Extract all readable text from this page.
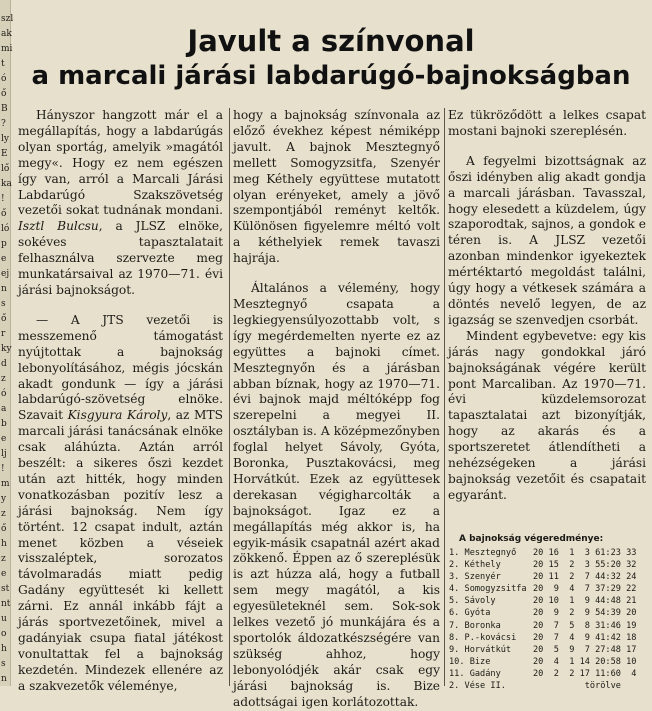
szl
ak
mi
t
ó
ő
B
?
ly
E
lő
ka
!
ő
ló
p
e
ej
n
s
ő
r
ky
d
z
ó
a
b
e
lj
!
m
y
z
ő
h
z
e
st
nt
u
o
h
s
n
Javult a színvonal
a marcali járási labdarúgó-bajnokságban

Hányszor hangzott már el a megállapítás, hogy a labdarúgás olyan sportág, amelyik »magától megy«. Hogy ez nem egészen így van, arról a Marcali Járási Labdarúgó Szakszövetség vezetői sokat tudnának mondani. Isztl Bulcsu, a JLSZ elnöke, sokéves tapasztalatait felhasználva szervezte meg munkatársaival az 1970—71. évi járási bajnokságot.

— A JTS vezetői is messzemenő támogatást nyújtottak a bajnokság lebonyolításához, mégis jócskán akadt gondunk — így a járási labdarúgó-szövetség elnöke. Szavait Kisgyura Károly, az MTS marcali járási tanácsának elnöke csak aláhúzta. Aztán arról beszélt: a sikeres őszi kezdet után azt hitték, hogy minden vonatkozásban pozitív lesz a járási bajnokság. Nem így történt. 12 csapat indult, aztán menet közben a véseiek visszaléptek, sorozatos távolmaradás miatt pedig Gadány együttesét ki kellett zárni. Ez annál inkább fájt a járás sportvezetőinek, mivel a gadányiak csupa fiatal játékost vonultattak fel a bajnokság kezdetén. Mindezek ellenére az a szakvezetők véleménye,

hogy a bajnokság színvonala az előző évekhez képest némiképp javult. A bajnok Mesztegnyő mellett Somogyzsitfa, Szenyér meg Kéthely együttese mutatott olyan erényeket, amely a jövő szempontjából reményt keltők. Különösen figyelemre méltó volt a kéthelyiek remek tavaszi hajrája.

Általános a vélemény, hogy Mesztegnyő csapata a legkiegyensúlyozottabb volt, s így megérdemelten nyerte ez az együttes a bajnoki címet. Mesztegnyőn és a járásban abban bíznak, hogy az 1970—71. évi bajnok majd méltóképp fog szerepelni a megyei II. osztályban is. A középmezőnyben foglal helyet Sávoly, Gyóta, Boronka, Pusztakovácsi, meg Horvátkút. Ezek az együttesek derekasan végigharcolták a bajnokságot. Igaz ez a megállapítás még akkor is, ha egyik-másik csapatnál azért akad zökkenő. Éppen az ő szereplésük is azt húzza alá, hogy a futball sem megy magától, a kis egyesületeknél sem. Sok-sok lelkes vezető jó munkájára és a sportolók áldozatkészségére van szükség ahhoz, hogy lebonyolódjék akár csak egy járási bajnokság is. Bize adottságai igen korlátozottak.

Ez tükröződött a lelkes csapat mostani bajnoki szereplésén.

A fegyelmi bizottságnak az őszi idényben alig akadt gondja a marcali járásban. Tavasszal, hogy elesedett a küzdelem, úgy szaporodtak, sajnos, a gondok e téren is. A JLSZ vezetői azonban mindenkor igyekeztek mértéktartó megoldást találni, úgy hogy a vétkesek számára a döntés nevelő legyen, de az igazság se szenvedjen csorbát.

Mindent egybevetve: egy kis járás nagy gondokkal járó bajnokságának végére került pont Marcaliban. Az 1970—71. évi küzdelemsorozat tapasztalatai azt bizonyítják, hogy az akarás és a sportszeretet átlendítheti a nehézségeken a járási bajnokság vezetőit és csapatait egyaránt.

A bajnokság végeredménye:
1. Mesztegnyő 20 16  1  3 61:23 33
2. Kéthely	20 15  2  3 55:20 32
3. Szenyér	20 11  2  7 44:32 24
4. Somogyzsitfa 20  9  4  7 37:29 22
5. Sávoly	20 10  1  9 44:48 21
6. Gyóta	20  9  2  9 54:39 20
7. Boronka	20  7  5  8 31:46 19
8. P.-kovácsi 20  7  4  9 41:42 18
9. Horvátkút	20  5  9  7 27:48 17
10. Bize	20  4  1 14 20:58 10
11. Gadány	20  2  2 17 11:60  4
2. Vése II.	törölve
